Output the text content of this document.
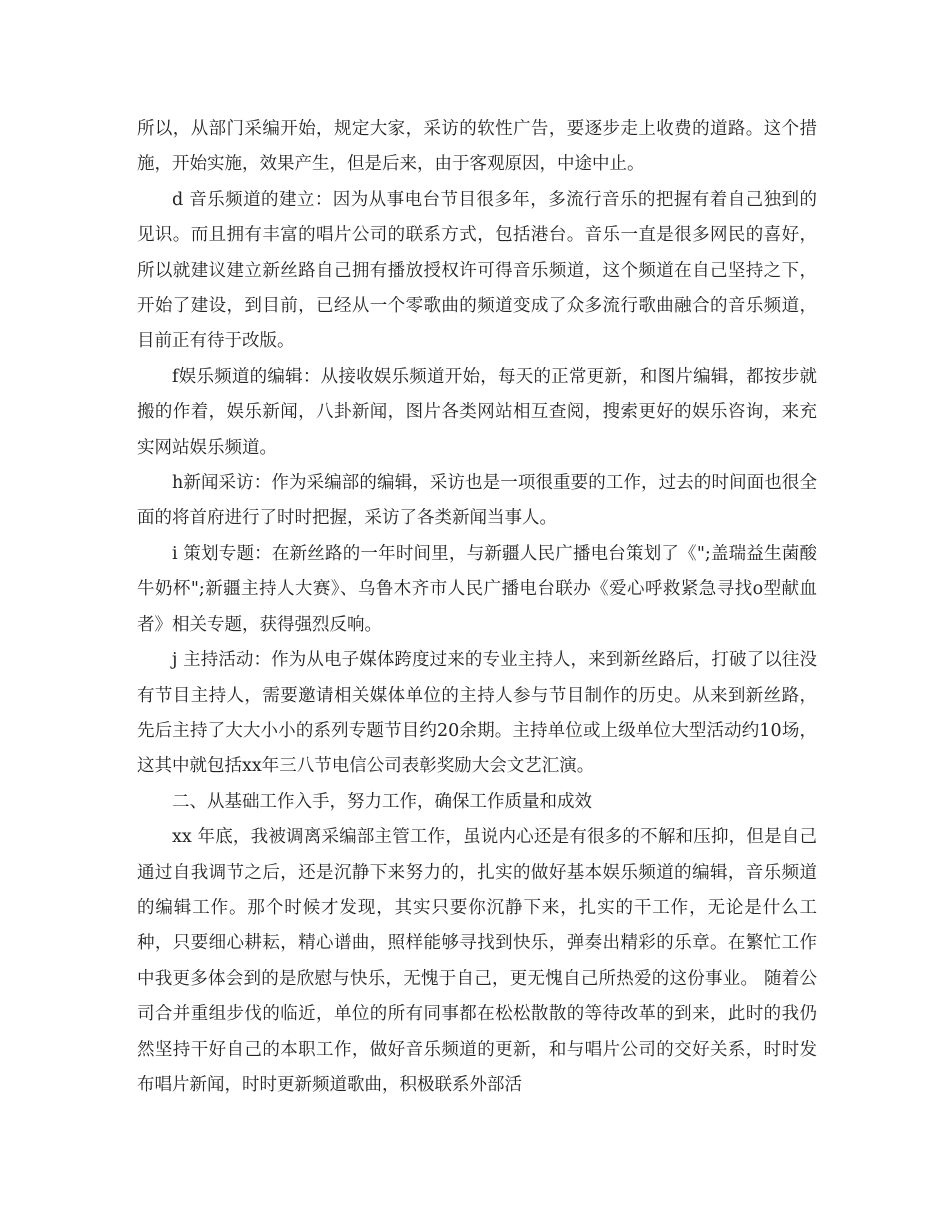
所以，从部门采编开始，规定大家，采访的软性广告，要逐步走上收费的道路。这个措施，开始实施，效果产生，但是后来，由于客观原因，中途中止。

d 音乐频道的建立：因为从事电台节目很多年，多流行音乐的把握有着自己独到的见识。而且拥有丰富的唱片公司的联系方式，包括港台。音乐一直是很多网民的喜好，所以就建议建立新丝路自己拥有播放授权许可得音乐频道，这个频道在自己坚持之下，开始了建设，到目前，已经从一个零歌曲的频道变成了众多流行歌曲融合的音乐频道，目前正有待于改版。

f娱乐频道的编辑：从接收娱乐频道开始，每天的正常更新，和图片编辑，都按步就搬的作着，娱乐新闻，八卦新闻，图片各类网站相互查阅，搜索更好的娱乐咨询，来充实网站娱乐频道。

h新闻采访：作为采编部的编辑，采访也是一项很重要的工作，过去的时间面也很全面的将首府进行了时时把握，采访了各类新闻当事人。

i 策划专题：在新丝路的一年时间里，与新疆人民广播电台策划了《";盖瑞益生菌酸牛奶杯";新疆主持人大赛》、乌鲁木齐市人民广播电台联办《爱心呼救紧急寻找o型献血者》相关专题，获得强烈反响。

j 主持活动：作为从电子媒体跨度过来的专业主持人，来到新丝路后，打破了以往没有节目主持人，需要邀请相关媒体单位的主持人参与节目制作的历史。从来到新丝路，先后主持了大大小小的系列专题节目约20余期。主持单位或上级单位大型活动约10场，这其中就包括xx年三八节电信公司表彰奖励大会文艺汇演。

二、从基础工作入手，努力工作，确保工作质量和成效

xx 年底，我被调离采编部主管工作，虽说内心还是有很多的不解和压抑，但是自己通过自我调节之后，还是沉静下来努力的，扎实的做好基本娱乐频道的编辑，音乐频道的编辑工作。那个时候才发现，其实只要你沉静下来，扎实的干工作，无论是什么工种，只要细心耕耘，精心谱曲，照样能够寻找到快乐，弹奏出精彩的乐章。在繁忙工作中我更多体会到的是欣慰与快乐，无愧于自己，更无愧自己所热爱的这份事业。 随着公司合并重组步伐的临近，单位的所有同事都在松松散散的等待改革的到来，此时的我仍然坚持干好自己的本职工作，做好音乐频道的更新，和与唱片公司的交好关系，时时发布唱片新闻，时时更新频道歌曲，积极联系外部活
